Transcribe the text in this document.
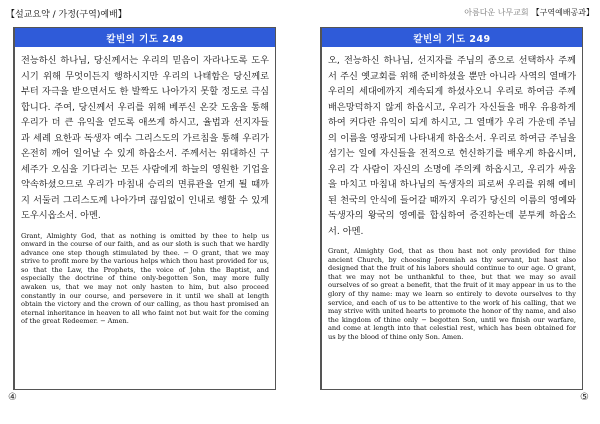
【설교요약 / 가정(구역)예배】	아름다운 나무교회 【구역예배공과】
칼빈의 기도 249
전능하신 하나님, 당신께서는 우리의 믿음이 자라나도록 도우시기 위해 무엇이든지 행하시지만 우리의 나태함은 당신께로부터 자극을 받으면서도 한 발짝도 나아가지 못할 정도로 극심합니다. 주여, 당신께서 우리를 위해 베푸신 온갖 도움을 통해 우리가 더 큰 유익을 얻도록 애쓰게 하시고, 율법과 선지자들과 세례 요한과 독생자 예수 그리스도의 가르침을 통해 우리가 온전히 깨어 일어날 수 있게 하옵소서. 주께서는 위대하신 구세주가 오심을 기다리는 모든 사람에게 하늘의 영원한 기업을 약속하셨으므로 우리가 마침내 승리의 면류관을 얻게 될 때까지 서둘러 그리스도께 나아가며 끊임없이 인내로 행할 수 있게 도우시옵소서. 아멘.
Grant, Almighty God, that as nothing is omitted by thee to help us onward in the course of our faith, and as our sloth is such that we hardly advance one step though stimulated by thee. − O grant, that we may strive to profit more by the various helps which thou hast provided for us, so that the Law, the Prophets, the voice of John the Baptist, and especially the doctrine of thine only-begotten Son, may more fully awaken us, that we may not only hasten to him, but also proceed constantly in our course, and persevere in it until we shall at length obtain the victory and the crown of our calling, as thou hast promised an eternal inheritance in heaven to all who faint not but wait for the coming of the great Redeemer. − Amen.
칼빈의 기도 249
오, 전능하신 하나님, 선지자를 주님의 종으로 선택하사 주께서 주신 옛교회를 위해 준비하셨을 뿐만 아니라 사역의 열매가 우리의 세대에까지 계속되게 하셨사오니 우리로 하여금 주께 배은망덕하지 않게 하옵시고, 우리가 자신들을 매우 유용하게 하여 커다란 유익이 되게 하시고, 그 열매가 우리 가운데 주님의 이름을 영광되게 나타내게 하옵소서. 우리로 하여금 주님을 섬기는 일에 자신들을 전적으로 헌신하기를 배우게 하옵시며, 우리 각 사람이 자신의 소명에 주의케 하옵시고, 우리가 싸움을 마치고 마침내 하나님의 독생자의 피로써 우리를 위해 예비된 천국의 안식에 들어갈 때까지 우리가 당신의 이름의 영예와 독생자의 왕국의 영예를 합심하여 증진하는데 분투케 하옵소서. 아멘.
Grant, Almighty God, that as thou hast not only provided for thine ancient Church, by choosing Jeremiah as thy servant, but hast also designed that the fruit of his labors should continue to our age. O grant, that we may not be unthankful to thee, but that we may so avail ourselves of so great a benefit, that the fruit of it may appear in us to the glory of thy name: may we learn so entirely to devote ourselves to thy service, and each of us to be attentive to the work of his calling, that we may strive with united hearts to promote the honor of thy name, and also the kingdom of thine only − begotten Son, until we finish our warfare, and come at length into that celestial rest, which has been obtained for us by the blood of thine only Son. Amen.
④	⑤
